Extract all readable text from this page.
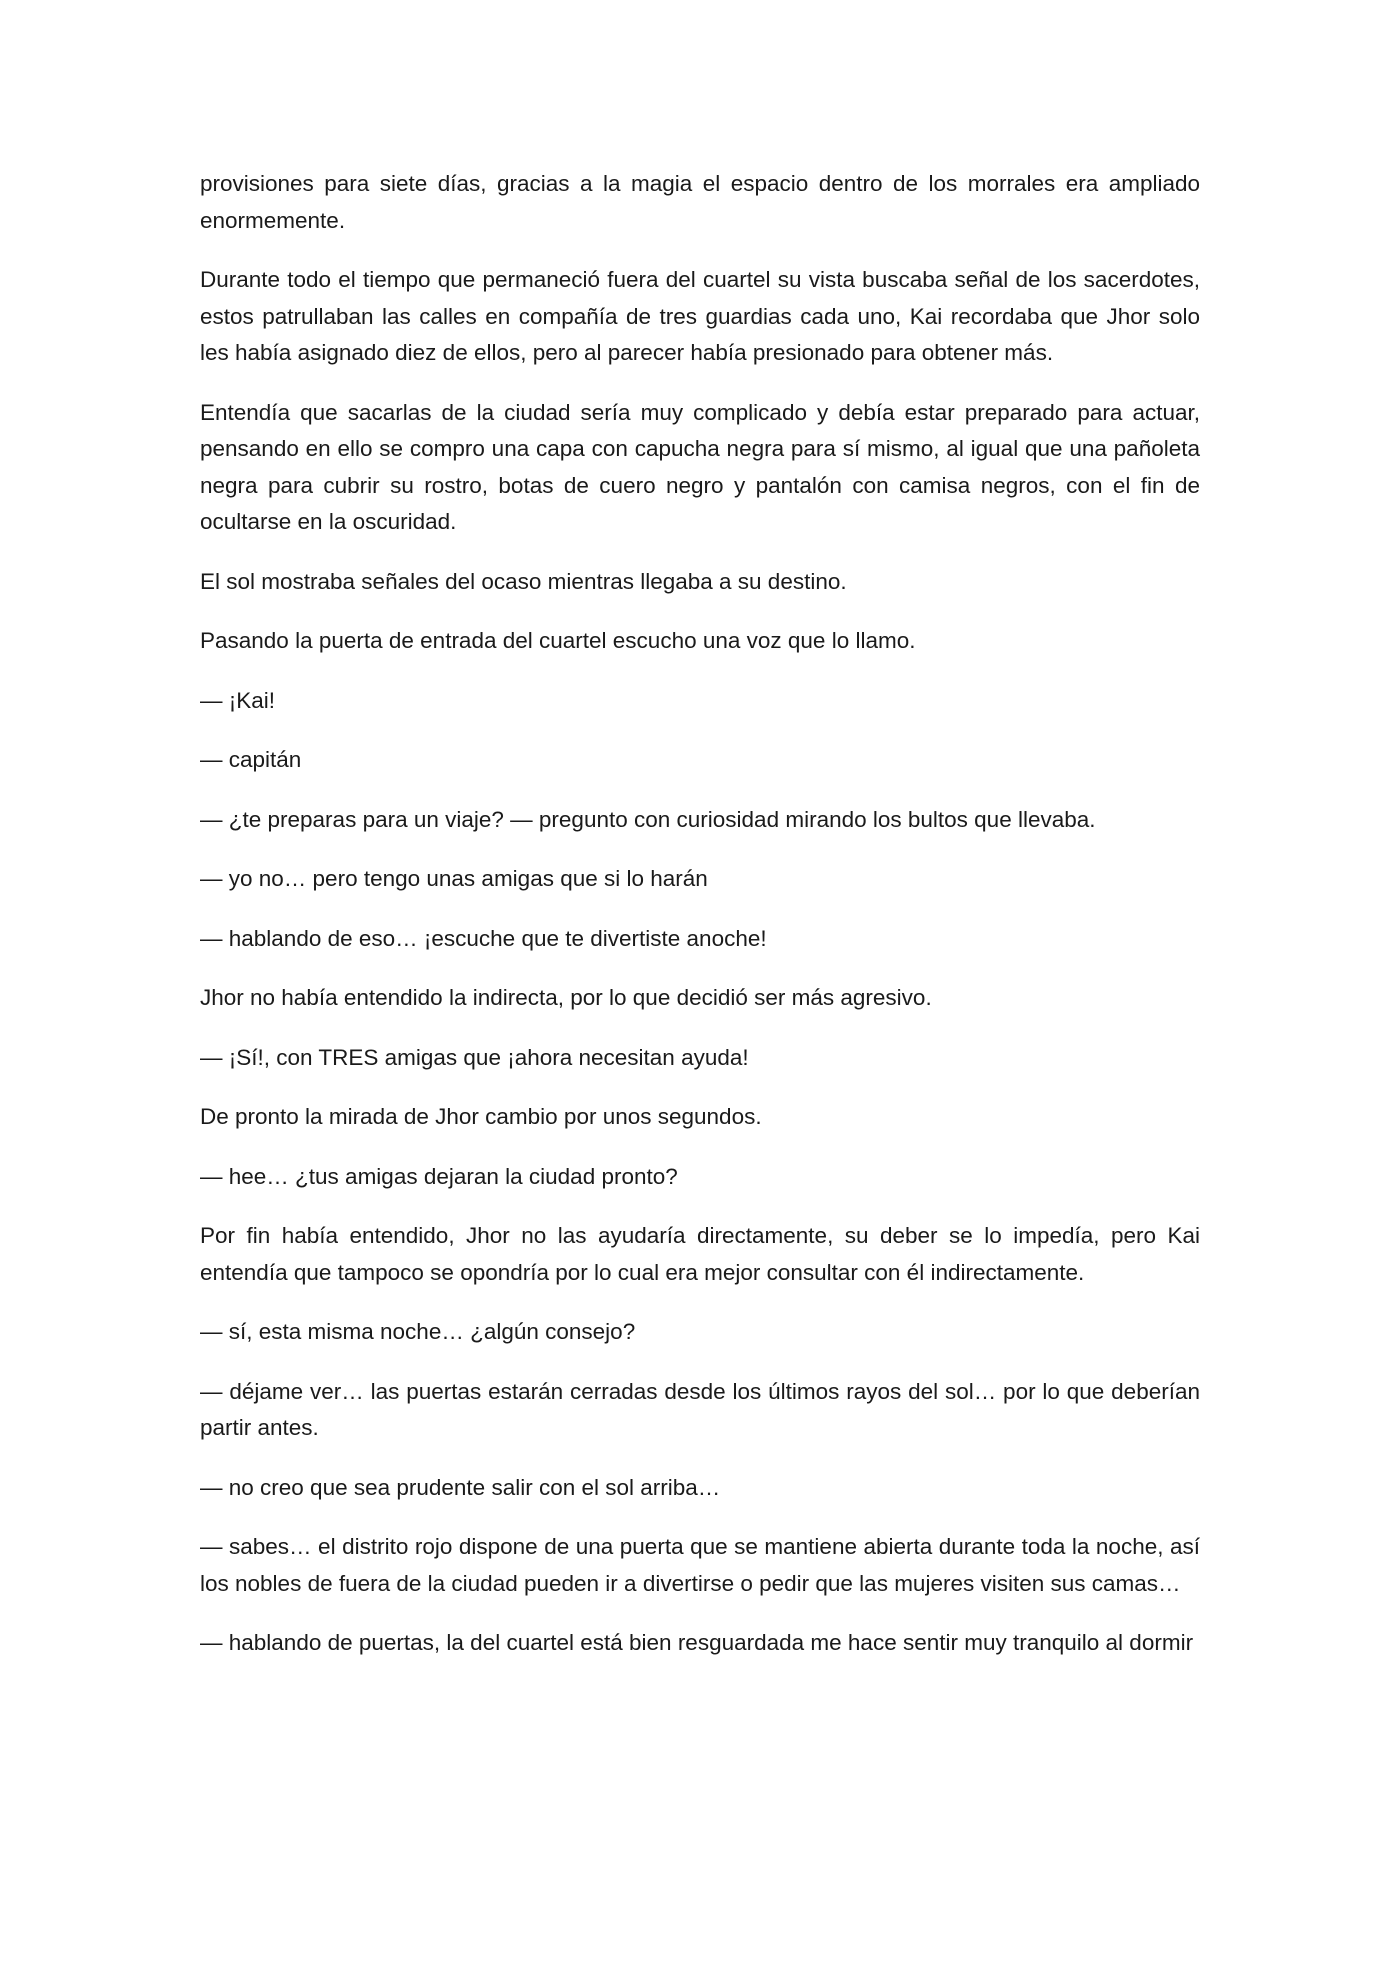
provisiones para siete días, gracias a la magia el espacio dentro de los morrales era ampliado enormemente.

Durante todo el tiempo que permaneció fuera del cuartel su vista buscaba señal de los sacerdotes, estos patrullaban las calles en compañía de tres guardias cada uno, Kai recordaba que Jhor solo les había asignado diez de ellos, pero al parecer había presionado para obtener más.

Entendía que sacarlas de la ciudad sería muy complicado y debía estar preparado para actuar, pensando en ello se compro una capa con capucha negra para sí mismo, al igual que una pañoleta negra para cubrir su rostro, botas de cuero negro y pantalón con camisa negros, con el fin de ocultarse en la oscuridad.

El sol mostraba señales del ocaso mientras llegaba a su destino.

Pasando la puerta de entrada del cuartel escucho una voz que lo llamo.

— ¡Kai!

— capitán

— ¿te preparas para un viaje? — pregunto con curiosidad mirando los bultos que llevaba.

— yo no… pero tengo unas amigas que si lo harán

— hablando de eso… ¡escuche que te divertiste anoche!

Jhor no había entendido la indirecta, por lo que decidió ser más agresivo.

— ¡Sí!, con TRES amigas que ¡ahora necesitan ayuda!

De pronto la mirada de Jhor cambio por unos segundos.

— hee… ¿tus amigas dejaran la ciudad pronto?

Por fin había entendido, Jhor no las ayudaría directamente, su deber se lo impedía, pero Kai entendía que tampoco se opondría por lo cual era mejor consultar con él indirectamente.

— sí, esta misma noche… ¿algún consejo?

— déjame ver… las puertas estarán cerradas desde los últimos rayos del sol… por lo que deberían partir antes.

— no creo que sea prudente salir con el sol arriba…

— sabes… el distrito rojo dispone de una puerta que se mantiene abierta durante toda la noche, así los nobles de fuera de la ciudad pueden ir a divertirse o pedir que las mujeres visiten sus camas…

— hablando de puertas, la del cuartel está bien resguardada me hace sentir muy tranquilo al dormir
